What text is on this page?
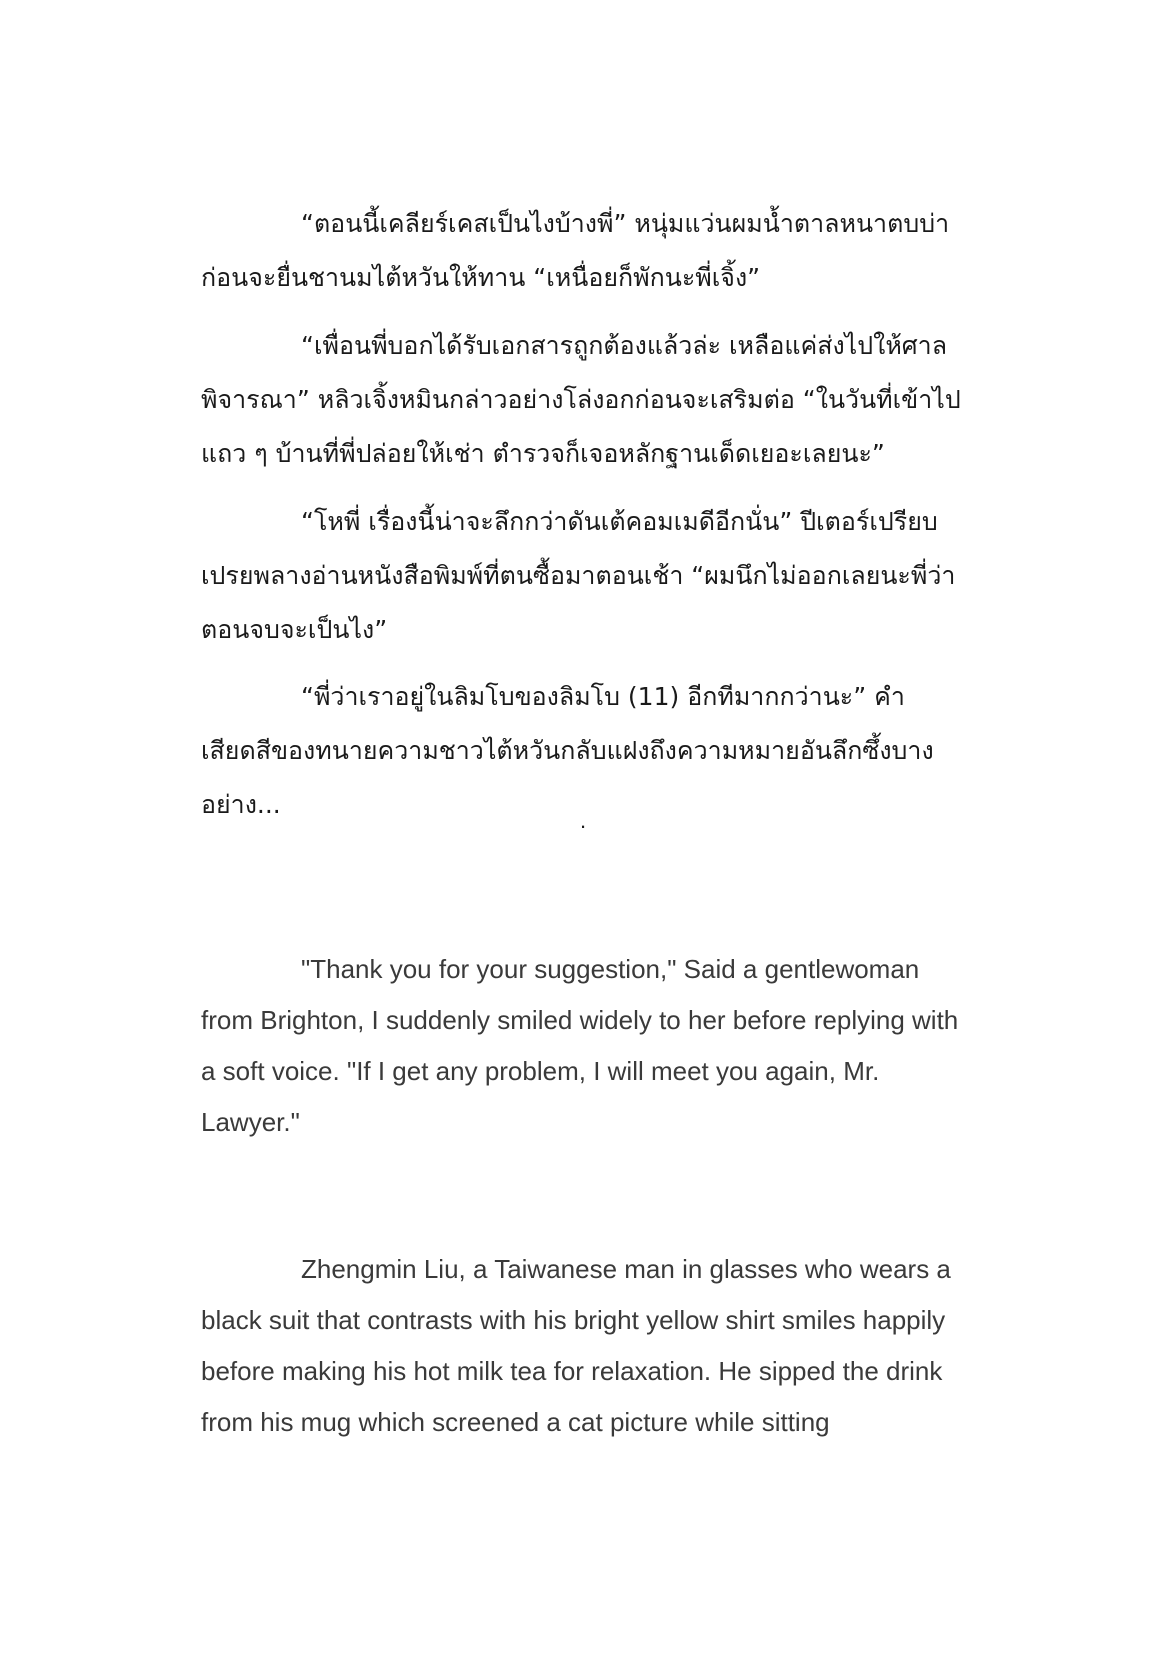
“ตอนนี้เคลียร์เคสเป็นไงบ้างพี่” หนุ่มแว่นผมน้ำตาลหนาตบบ่าก่อนจะยื่นชานมไต้หวันให้ทาน “เหนื่อยก็พักนะพี่เจิ้ง”

“เพื่อนพี่บอกได้รับเอกสารถูกต้องแล้วล่ะ เหลือแค่ส่งไปให้ศาลพิจารณา” หลิวเจิ้งหมินกล่าวอย่างโล่งอกก่อนจะเสริมต่อ “ในวันที่เข้าไปแถว ๆ บ้านที่พี่ปล่อยให้เช่า ตำรวจก็เจอหลักฐานเด็ดเยอะเลยนะ”

“โหพี่ เรื่องนี้น่าจะลึกกว่าดันเต้คอมเมดีอีกนั่น” ปีเตอร์เปรียบเปรยพลางอ่านหนังสือพิมพ์ที่ตนซื้อมาตอนเช้า “ผมนึกไม่ออกเลยนะพี่ว่าตอนจบจะเป็นไง”

“พี่ว่าเราอยู่ในลิมโบของลิมโบ (11) อีกทีมากกว่านะ” คำเสียดสีของทนายความชาวไต้หวันกลับแฝงถึงความหมายอันลึกซึ้งบางอย่าง...

.

"Thank you for your suggestion," Said a gentlewoman from Brighton, I suddenly smiled widely to her before replying with a soft voice. "If I get any problem, I will meet you again, Mr. Lawyer."

Zhengmin Liu, a Taiwanese man in glasses who wears a black suit that contrasts with his bright yellow shirt smiles happily before making his hot milk tea for relaxation. He sipped the drink from his mug which screened a cat picture while sitting
